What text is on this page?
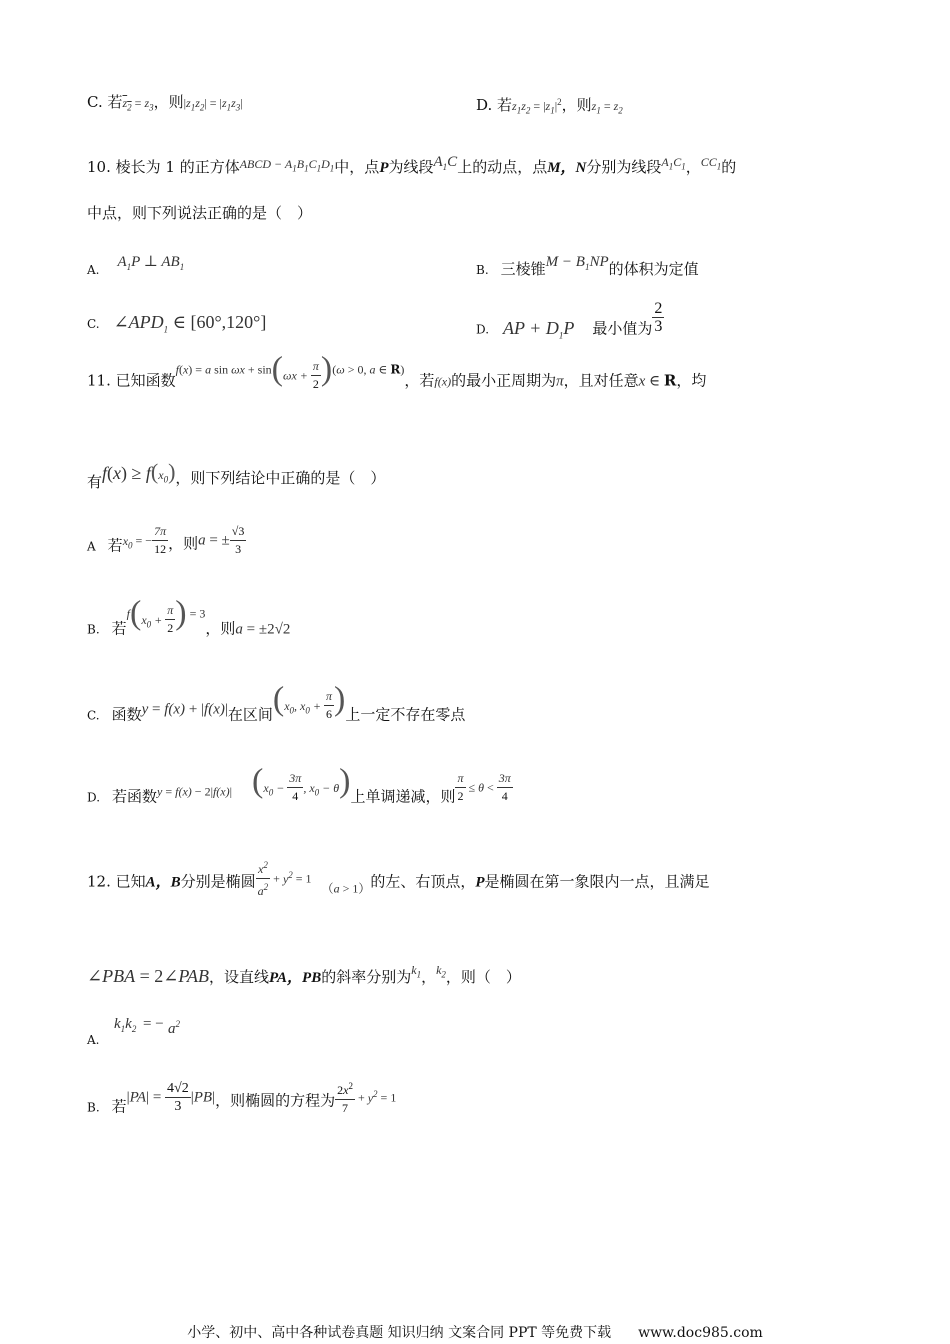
C. 若$z_2 = z_3$，则$|z_1z_2| = |z_1z_3|$	D. 若$z_1z_2 = |z_1|^2$，则$z_1 = z_2$
10. 棱长为 1 的正方体$^{ABCD - A_1B_1C_1D_1}$中，点P为线段$A_1C$上的动点，点M，N分别为线段$^{A_1C_1}$，$^{CC_1}$的
中点，则下列说法正确的是（　）
A. $A_1P$ ⊥ $AB_1$	B. 三棱锥$M - B_1NP$的体积为定值
C. $\angle APD_1$ ∈ [60°,120°]	$_{D.}$ AP + $D_1P$ 最小值为 $\frac{2}{3}$
11. 已知函数$^{f(x) =}$ $^a$ $^{sin}$ $^{\omega x}$ $^{+ sin}(\omega x + \frac{\pi}{2} )^{(\omega}$ $^{> 0,}$ $^a$ ∈ $^{R)}$，若$_{f(x)}$的最小正周期为π，且对任意x ∈ R，均
有$f(x) \ge f(x_0)$，则下列结论中正确的是（　）
$_A$ 若$x_0$ = − $\frac{7\pi}{12}$ ，则a = ± $\frac{√3}{3}$
$_{B.}$ 若$^f(x_0 + \frac{\pi}{2}$ ) $^{= 3}$，则a = ±2√2
$_{C.}$ 函数y = f(x) + |f(x)|在区间($x_0$, $x_0 + \frac{\pi}{6}$ )上一定不存在零点
$_{D.}$ 若函数$_y$ $_=$ $_{f(x)}$ $_{- 2|f(x)|}$ ($x_0 - \frac{3\pi}{4}$ , $x_0 - \theta$)上单调递减，则 $\frac{\pi}{2} \le \theta < \frac{3\pi}{4}$
12. 已知A，B分别是椭圆 $\frac{x^2}{a^2} + y^2 = 1_{(a}$ $_{> 1)}$的左、右顶点，P是椭圆在第一象限内一点，且满足
∠PBA = 2∠PAB，设直线PA，PB的斜率分别为$^{k_1}$，$^{k_2}$，则（　）
A.
$k_1k_2$ = − $a^2$
$_{B.}$ 若$|PA| = \frac{4√2}{3} |PB|$，则椭圆的方程为 $\frac{2x^2}{7} + y^2 = 1$
小学、初中、高中各种试卷真题 知识归纳 文案合同 PPT 等免费下载 www.doc985.com
